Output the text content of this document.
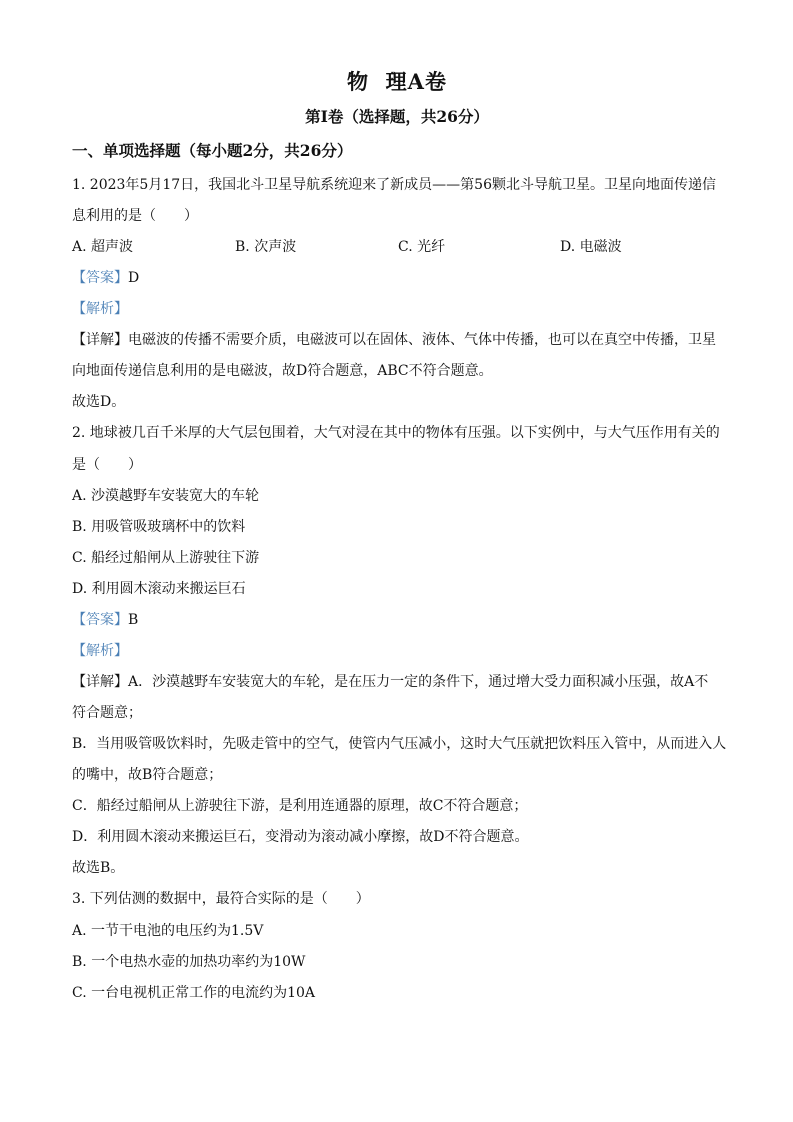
物  理A卷
第Ⅰ卷（选择题，共26分）
一、单项选择题（每小题2分，共26分）
1. 2023年5月17日，我国北斗卫星导航系统迎来了新成员——第56颗北斗导航卫星。卫星向地面传递信
息利用的是（　　）
A. 超声波	B. 次声波	C. 光纤	D. 电磁波
【答案】D
【解析】
【详解】电磁波的传播不需要介质，电磁波可以在固体、液体、气体中传播，也可以在真空中传播，卫星
向地面传递信息利用的是电磁波，故D符合题意，ABC不符合题意。
故选D。
2. 地球被几百千米厚的大气层包围着，大气对浸在其中的物体有压强。以下实例中，与大气压作用有关的
是（　　）
A. 沙漠越野车安装宽大的车轮
B. 用吸管吸玻璃杯中的饮料
C. 船经过船闸从上游驶往下游
D. 利用圆木滚动来搬运巨石
【答案】B
【解析】
【详解】A．沙漠越野车安装宽大的车轮，是在压力一定的条件下，通过增大受力面积减小压强，故A不
符合题意；
B．当用吸管吸饮料时，先吸走管中的空气，使管内气压减小，这时大气压就把饮料压入管中，从而进入人
的嘴中，故B符合题意；
C．船经过船闸从上游驶往下游，是利用连通器的原理，故C不符合题意；
D．利用圆木滚动来搬运巨石，变滑动为滚动减小摩擦，故D不符合题意。
故选B。
3. 下列估测的数据中，最符合实际的是（　　）
A. 一节干电池的电压约为1.5V
B. 一个电热水壶的加热功率约为10W
C. 一台电视机正常工作的电流约为10A
